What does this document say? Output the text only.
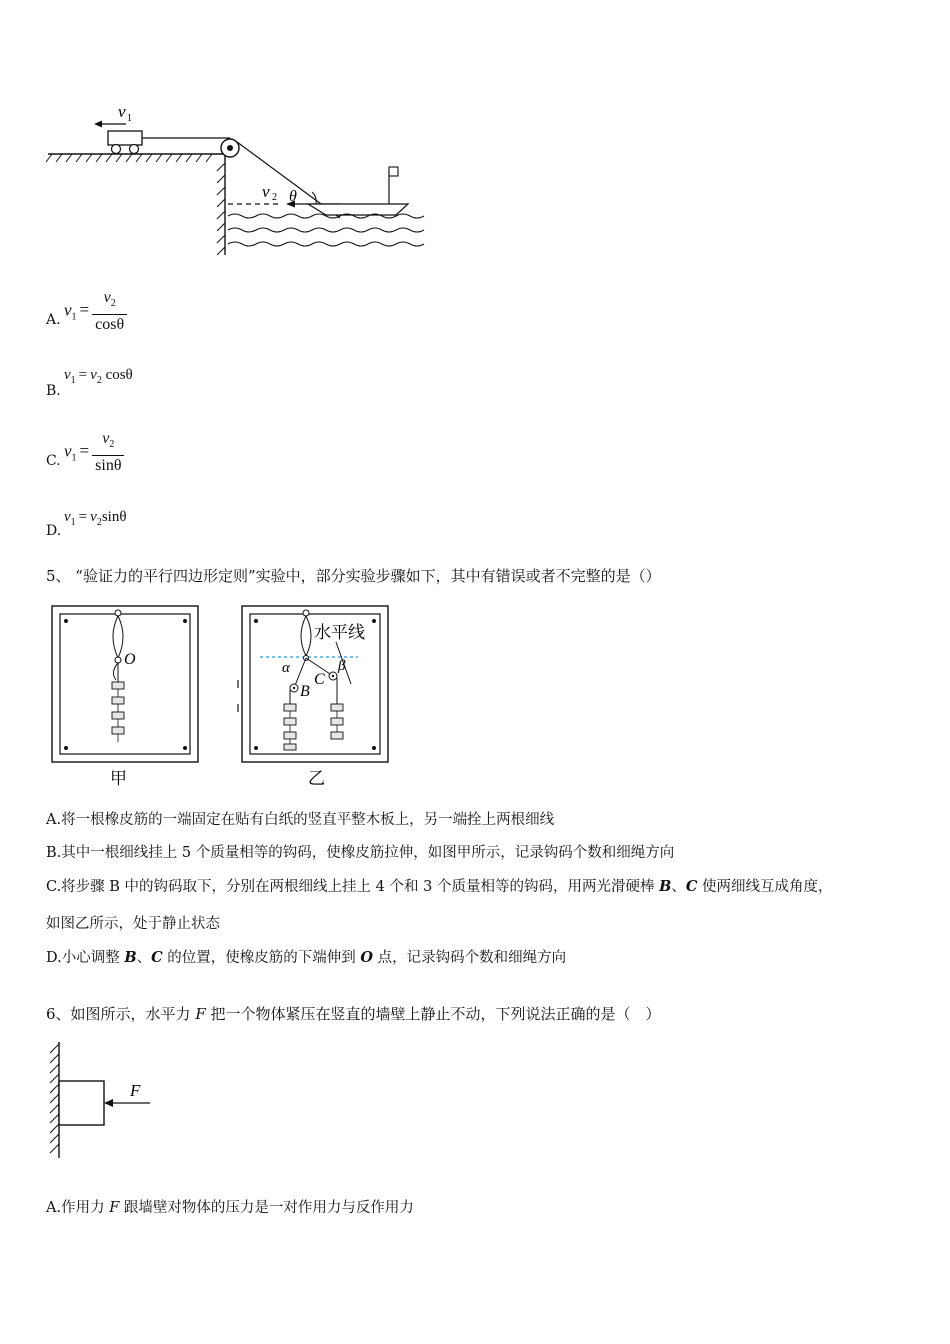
v 1
v 2 θ
A.
$v_1 = \frac{v_2}{\cos\theta}$
B.
$v_1 = v_2$ cosθ
C.
$v_1 = \frac{v_2}{\sin\theta}$
D.
$v_1 = v_2\sin\theta$
5、 “验证力的平行四边形定则”实验中，部分实验步骤如下，其中有错误或者不完整的是（）
O
甲
水平线
α	β
C
B
乙
A.将一根橡皮筋的一端固定在贴有白纸的竖直平整木板上，另一端拴上两根细线
B.其中一根细线挂上 5 个质量相等的钩码，使橡皮筋拉伸，如图甲所示，记录钩码个数和细绳方向
C.将步骤 B 中的钩码取下，分别在两根细线上挂上 4 个和 3 个质量相等的钩码，用两光滑硬棒 B、C 使两细线互成角度，
如图乙所示，处于静止状态
D.小心调整 B、C 的位置，使橡皮筋的下端伸到 O 点，记录钩码个数和细绳方向
6、如图所示，水平力 F 把一个物体紧压在竖直的墙壁上静止不动，下列说法正确的是（　）
F
A.作用力 F 跟墙壁对物体的压力是一对作用力与反作用力
